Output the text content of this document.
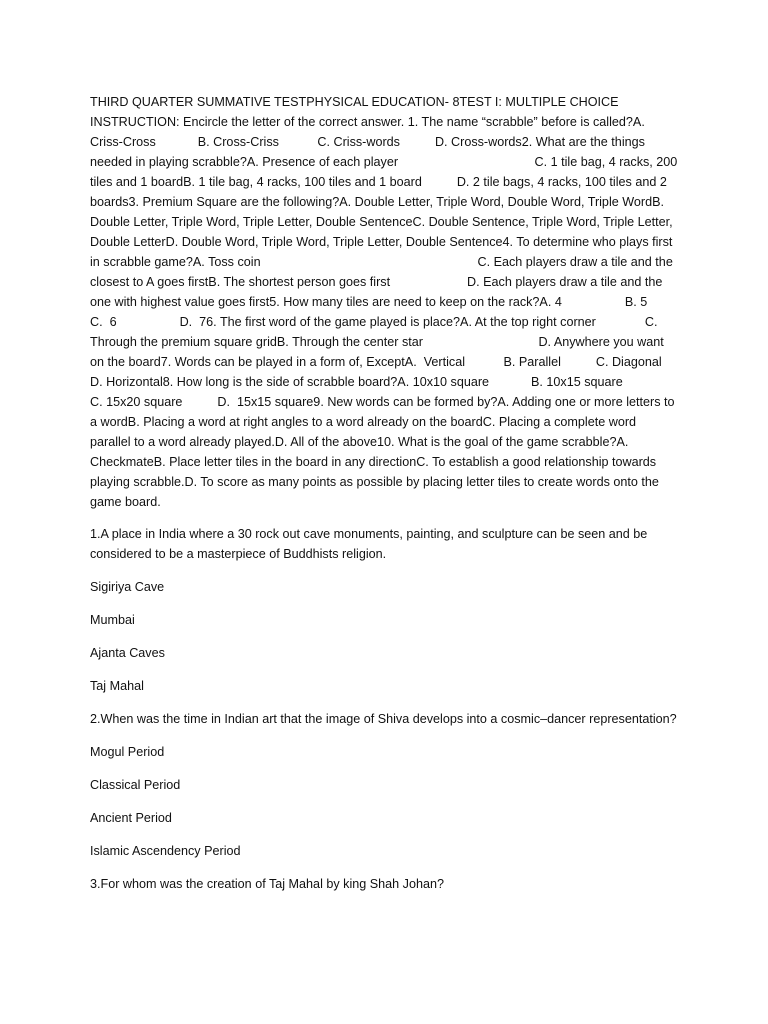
THIRD QUARTER SUMMATIVE TESTPHYSICAL EDUCATION- 8TEST I: MULTIPLE CHOICE INSTRUCTION: Encircle the letter of the correct answer. 1. The name “scrabble” before is called?A. Criss-Cross            B. Cross-Criss           C. Criss-words          D. Cross-words2. What are the things needed in playing scrabble?A. Presence of each player                                       C. 1 tile bag, 4 racks, 200 tiles and 1 boardB. 1 tile bag, 4 racks, 100 tiles and 1 board          D. 2 tile bags, 4 racks, 100 tiles and 2 boards3. Premium Square are the following?A. Double Letter, Triple Word, Double Word, Triple WordB. Double Letter, Triple Word, Triple Letter, Double SentenceC. Double Sentence, Triple Word, Triple Letter, Double LetterD. Double Word, Triple Word, Triple Letter, Double Sentence4. To determine who plays first in scrabble game?A. Toss coin                                                              C. Each players draw a tile and the closest to A goes firstB. The shortest person goes first                      D. Each players draw a tile and the one with highest value goes first5. How many tiles are need to keep on the rack?A. 4                  B. 5                  C.  6                  D.  76. The first word of the game played is place?A. At the top right corner              C.  Through the premium square gridB. Through the center star                                 D. Anywhere you want on the board7. Words can be played in a form of, ExceptA.  Vertical           B. Parallel          C. Diagonal              D. Horizontal8. How long is the side of scrabble board?A. 10x10 square            B. 10x15 square              C. 15x20 square          D.  15x15 square9. New words can be formed by?A. Adding one or more letters to a wordB. Placing a word at right angles to a word already on the boardC. Placing a complete word parallel to a word already played.D. All of the above10. What is the goal of the game scrabble?A. CheckmateB. Place letter tiles in the board in any directionC. To establish a good relationship towards playing scrabble.D. To score as many points as possible by placing letter tiles to create words onto the game board.

1.A place in India where a 30 rock out cave monuments, painting, and sculpture can be seen and be considered to be a masterpiece of Buddhists religion.

Sigiriya Cave

Mumbai

Ajanta Caves

Taj Mahal

2.When was the time in Indian art that the image of Shiva develops into a cosmic–dancer representation?

Mogul Period

Classical Period

Ancient Period

Islamic Ascendency Period

3.For whom was the creation of Taj Mahal by king Shah Johan?
